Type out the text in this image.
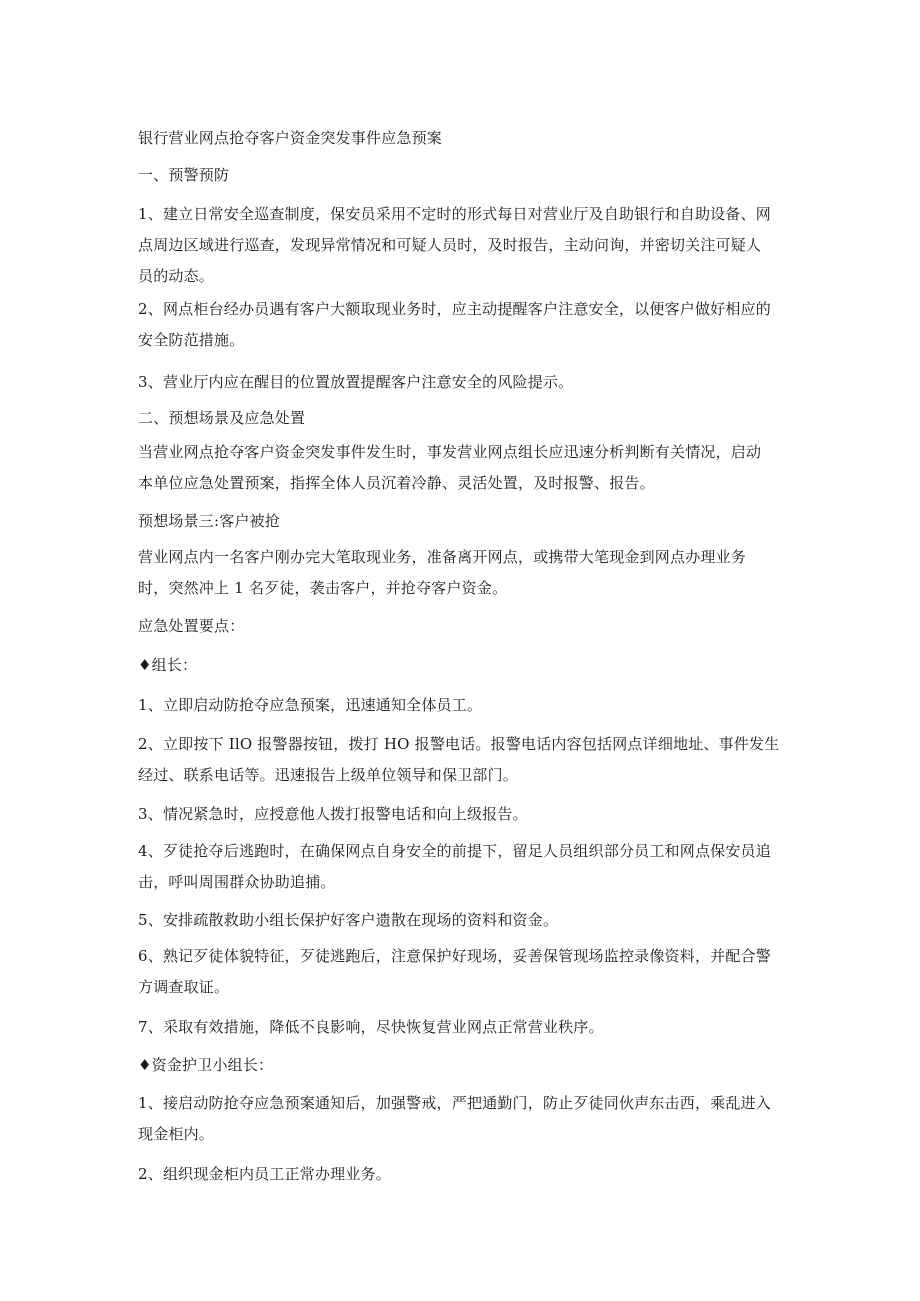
银行营业网点抢夺客户资金突发事件应急预案

一、预警预防

1、建立日常安全巡查制度，保安员采用不定时的形式每日对营业厅及自助银行和自助设备、网
点周边区域进行巡查，发现异常情况和可疑人员时，及时报告，主动问询，并密切关注可疑人
员的动态。

2、网点柜台经办员遇有客户大额取现业务时，应主动提醒客户注意安全，以便客户做好相应的
安全防范措施。

3、营业厅内应在醒目的位置放置提醒客户注意安全的风险提示。

二、预想场景及应急处置

当营业网点抢夺客户资金突发事件发生时，事发营业网点组长应迅速分析判断有关情况，启动
本单位应急处置预案，指挥全体人员沉着冷静、灵活处置，及时报警、报告。

预想场景三:客户被抢

营业网点内一名客户刚办完大笔取现业务，准备离开网点，或携带大笔现金到网点办理业务
时，突然冲上 1 名歹徒，袭击客户，并抢夺客户资金。

应急处置要点：

♦组长：

1、立即启动防抢夺应急预案，迅速通知全体员工。

2、立即按下 IlO 报警器按钮，拨打 HO 报警电话。报警电话内容包括网点详细地址、事件发生
经过、联系电话等。迅速报告上级单位领导和保卫部门。

3、情况紧急时，应授意他人拨打报警电话和向上级报告。

4、歹徒抢夺后逃跑时，在确保网点自身安全的前提下，留足人员组织部分员工和网点保安员追
击，呼叫周围群众协助追捕。

5、安排疏散救助小组长保护好客户遗散在现场的资料和资金。

6、熟记歹徒体貌特征，歹徒逃跑后，注意保护好现场，妥善保管现场监控录像资料，并配合警
方调查取证。

7、采取有效措施，降低不良影响，尽快恢复营业网点正常营业秩序。

♦资金护卫小组长：

1、接启动防抢夺应急预案通知后，加强警戒，严把通勤门，防止歹徒同伙声东击西，乘乱进入
现金柜内。

2、组织现金柜内员工正常办理业务。
